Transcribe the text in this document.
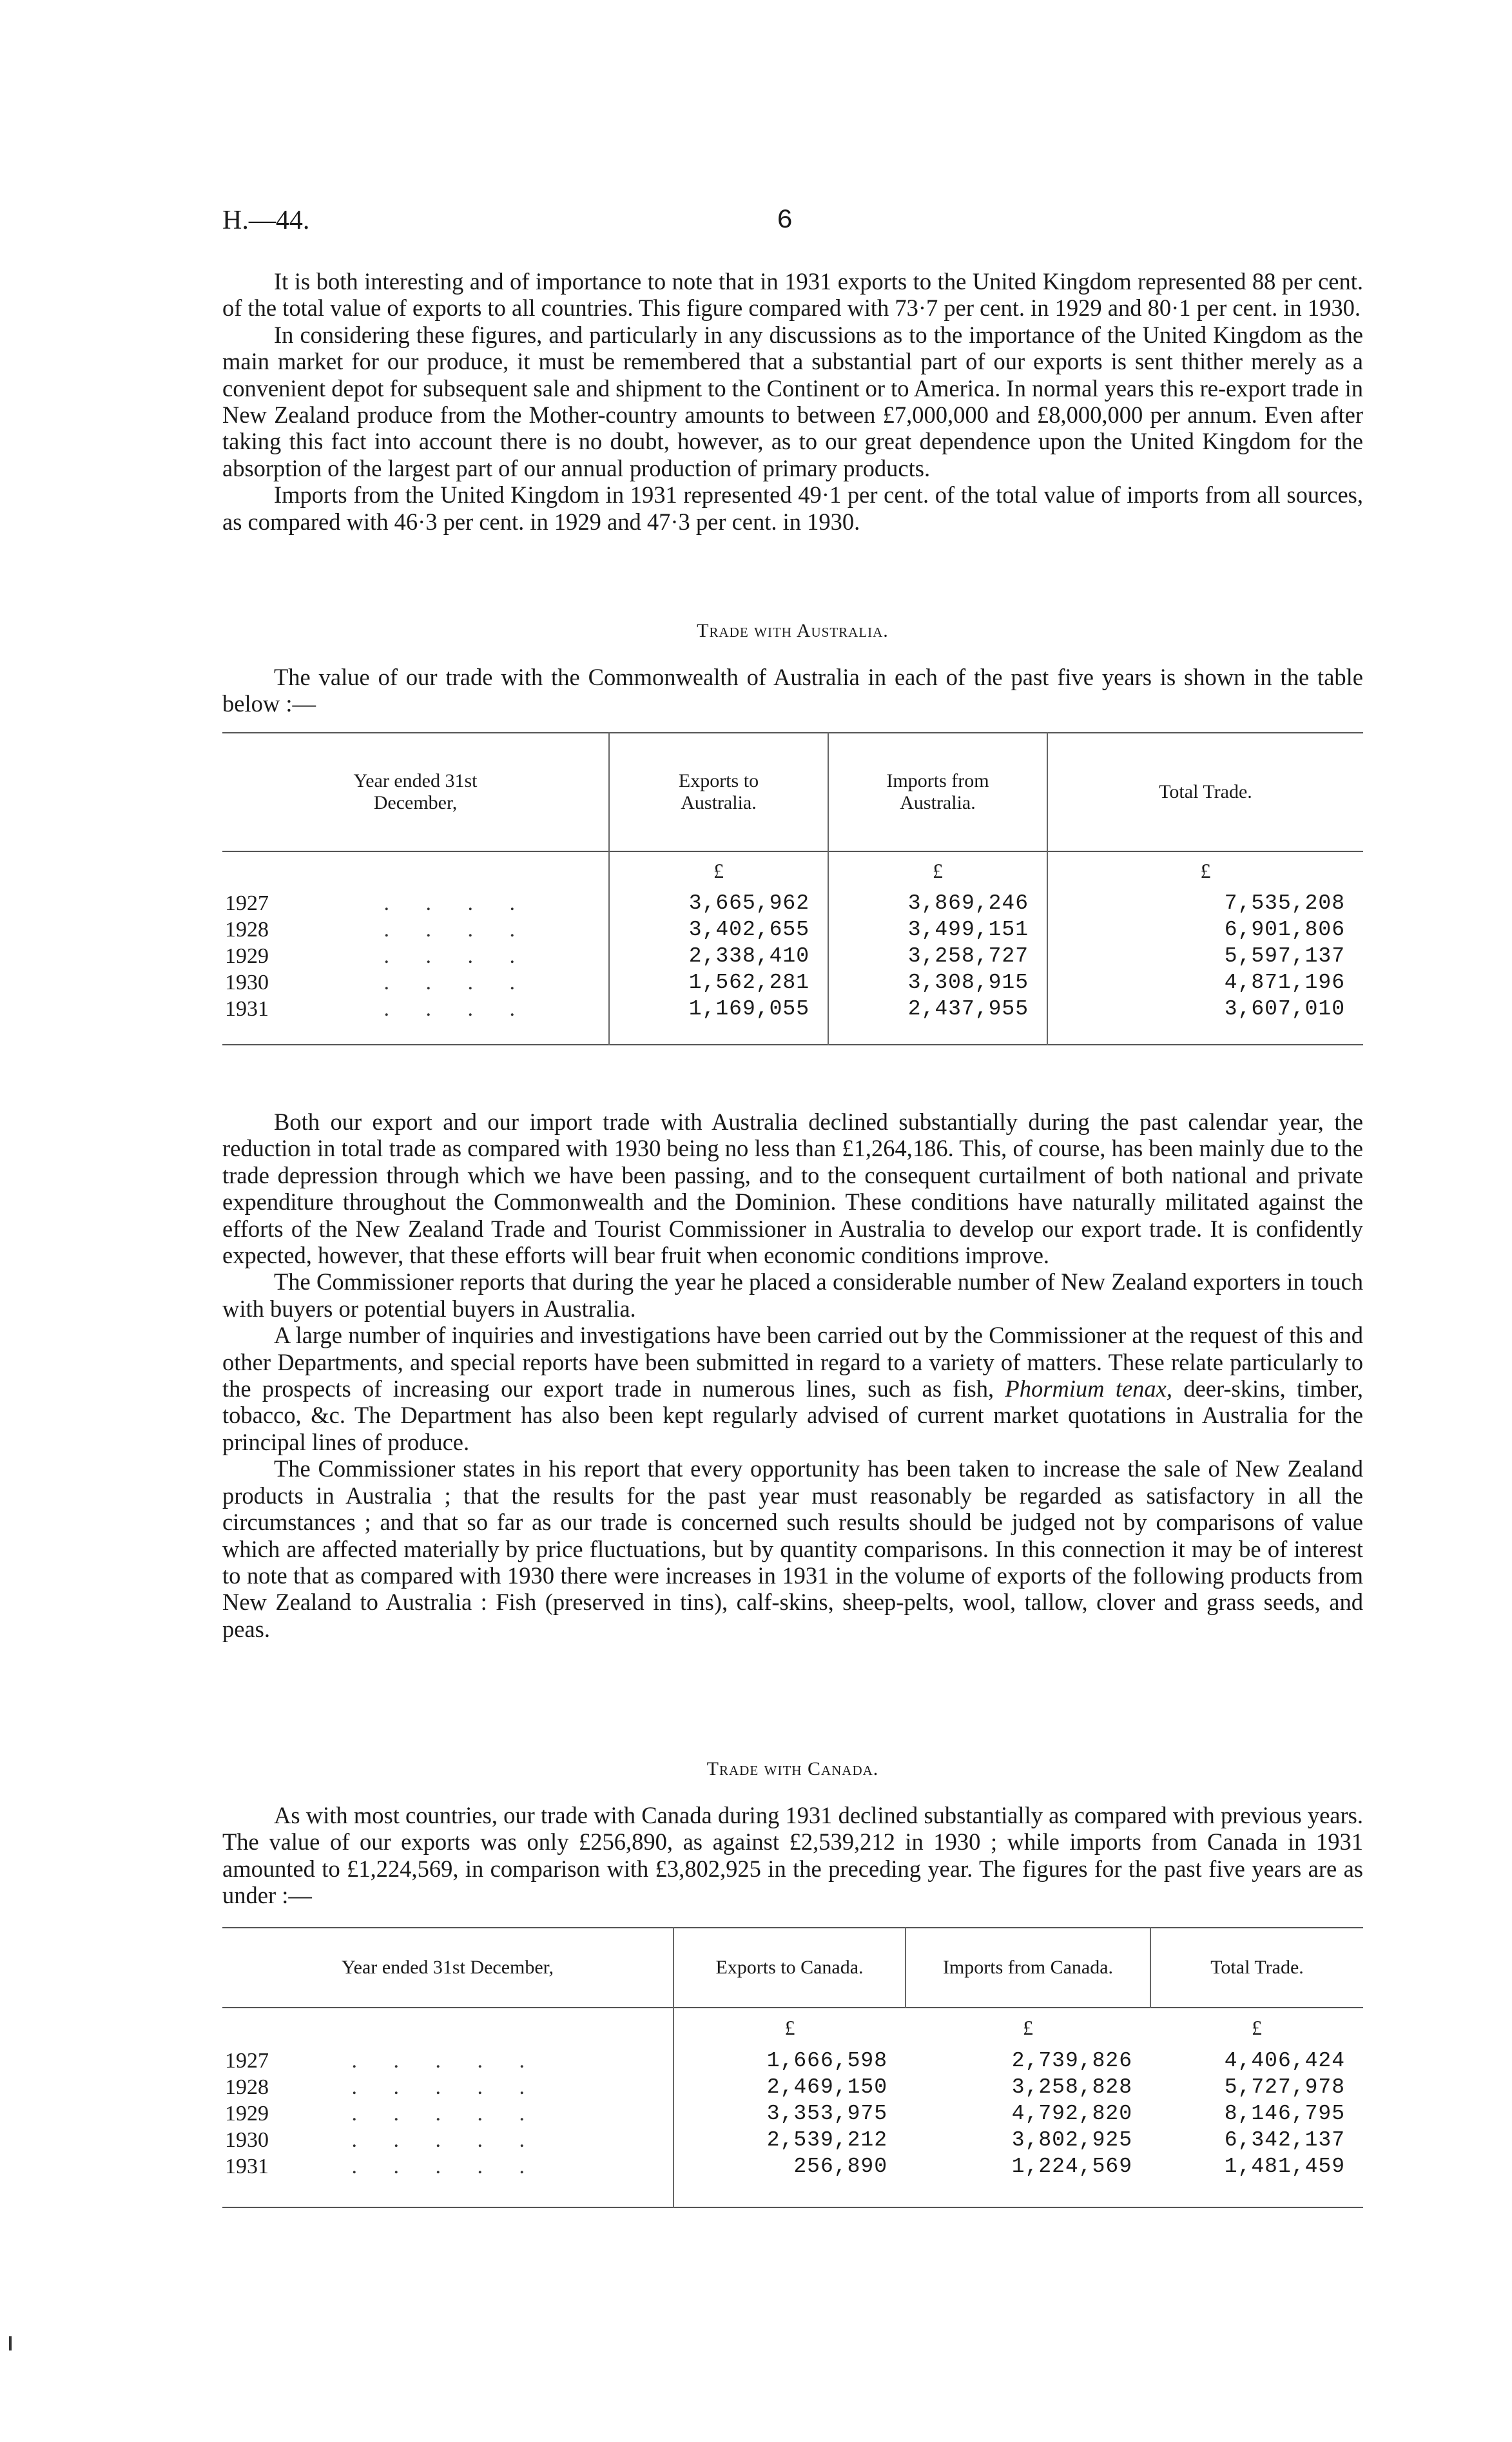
H.—44.	6

It is both interesting and of importance to note that in 1931 exports to the United Kingdom represented 88 per cent. of the total value of exports to all countries. This figure compared with 73·7 per cent. in 1929 and 80·1 per cent. in 1930.

In considering these figures, and particularly in any discussions as to the importance of the United Kingdom as the main market for our produce, it must be remembered that a substantial part of our exports is sent thither merely as a convenient depot for subsequent sale and shipment to the Continent or to America. In normal years this re-export trade in New Zealand produce from the Mother-country amounts to between £7,000,000 and £8,000,000 per annum. Even after taking this fact into account there is no doubt, however, as to our great dependence upon the United Kingdom for the absorption of the largest part of our annual production of primary products.

Imports from the United Kingdom in 1931 represented 49·1 per cent. of the total value of imports from all sources, as compared with 46·3 per cent. in 1929 and 47·3 per cent. in 1930.

Trade with Australia.

The value of our trade with the Commonwealth of Australia in each of the past five years is shown in the table below :—

Year ended 31st December,	Exports to Australia.	Imports from Australia.	Total Trade.
	£	£	£
1927 . . . .	3,665,962	3,869,246	7,535,208
1928 . . . .	3,402,655	3,499,151	6,901,806
1929 . . . .	2,338,410	3,258,727	5,597,137
1930 . . . .	1,562,281	3,308,915	4,871,196
1931 . . . .	1,169,055	2,437,955	3,607,010

Both our export and our import trade with Australia declined substantially during the past calendar year, the reduction in total trade as compared with 1930 being no less than £1,264,186. This, of course, has been mainly due to the trade depression through which we have been passing, and to the consequent curtailment of both national and private expenditure throughout the Commonwealth and the Dominion. These conditions have naturally militated against the efforts of the New Zealand Trade and Tourist Commissioner in Australia to develop our export trade. It is confidently expected, however, that these efforts will bear fruit when economic conditions improve.

The Commissioner reports that during the year he placed a considerable number of New Zealand exporters in touch with buyers or potential buyers in Australia.

A large number of inquiries and investigations have been carried out by the Commissioner at the request of this and other Departments, and special reports have been submitted in regard to a variety of matters. These relate particularly to the prospects of increasing our export trade in numerous lines, such as fish, Phormium tenax, deer-skins, timber, tobacco, &c. The Department has also been kept regularly advised of current market quotations in Australia for the principal lines of produce.

The Commissioner states in his report that every opportunity has been taken to increase the sale of New Zealand products in Australia ; that the results for the past year must reasonably be regarded as satisfactory in all the circumstances ; and that so far as our trade is concerned such results should be judged not by comparisons of value which are affected materially by price fluctuations, but by quantity comparisons. In this connection it may be of interest to note that as compared with 1930 there were increases in 1931 in the volume of exports of the following products from New Zealand to Australia : Fish (preserved in tins), calf-skins, sheep-pelts, wool, tallow, clover and grass seeds, and peas.

Trade with Canada.

As with most countries, our trade with Canada during 1931 declined substantially as compared with previous years. The value of our exports was only £256,890, as against £2,539,212 in 1930 ; while imports from Canada in 1931 amounted to £1,224,569, in comparison with £3,802,925 in the preceding year. The figures for the past five years are as under :—

Year ended 31st December,	Exports to Canada.	Imports from Canada.	Total Trade.
	£	£	£
1927 . . . . .	1,666,598	2,739,826	4,406,424
1928 . . . . .	2,469,150	3,258,828	5,727,978
1929 . . . . .	3,353,975	4,792,820	8,146,795
1930 . . . . .	2,539,212	3,802,925	6,342,137
1931 . . . . .	256,890	1,224,569	1,481,459
